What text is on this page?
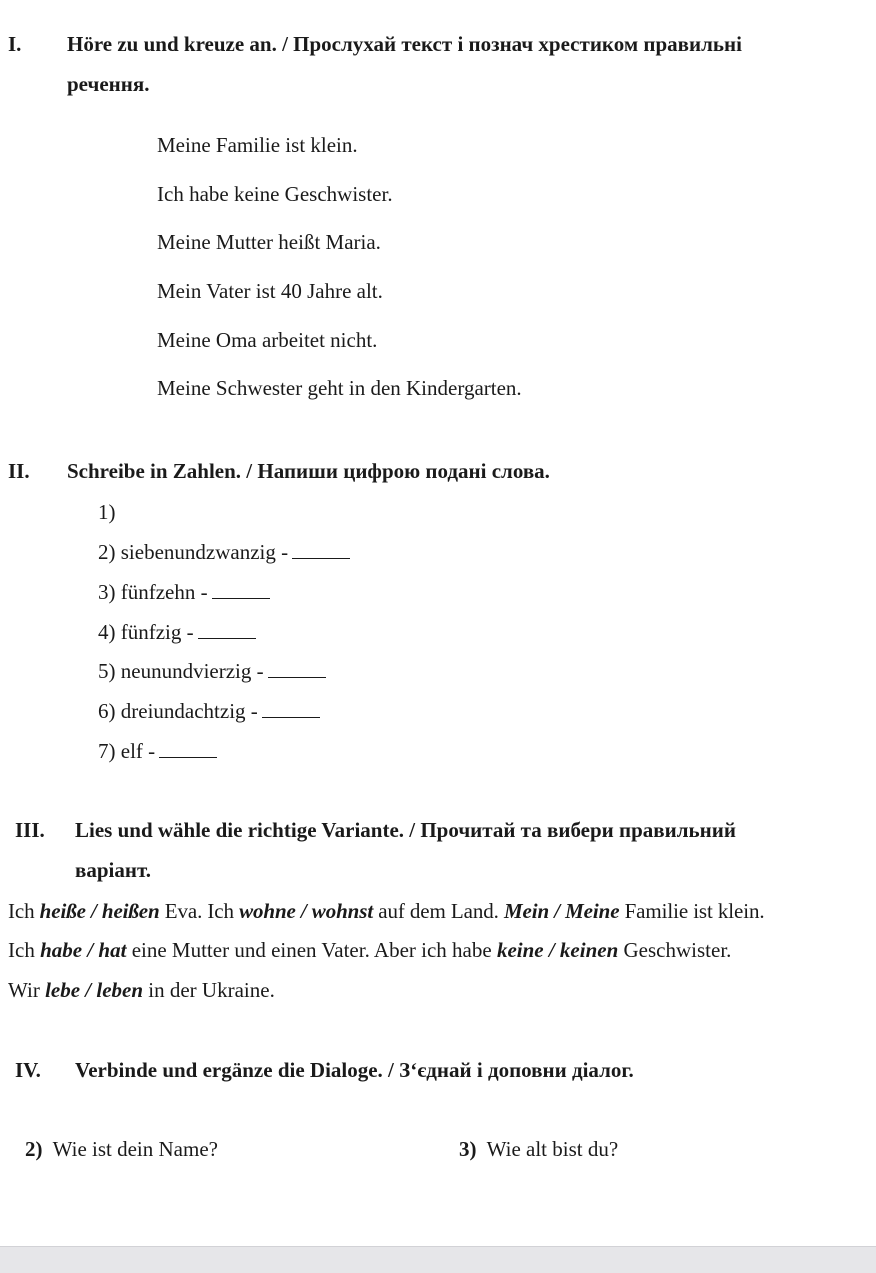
I. Höre zu und kreuze an. / Прослухай текст і познач хрестиком правильні
речення.
Meine Familie ist klein.
Ich habe keine Geschwister.
Meine Mutter heißt Maria.
Mein Vater ist 40 Jahre alt.
Meine Oma arbeitet nicht.
Meine Schwester geht in den Kindergarten.
II. Schreibe in Zahlen. / Напиши цифрою подані слова.
1)
2) siebenundzwanzig -
3) fünfzehn -
4) fünfzig -
5) neunundvierzig -
6) dreiundachtzig -
7) elf -
III. Lies und wähle die richtige Variante. / Прочитай та вибери правильний
варіант.
Ich heiße / heißen Eva. Ich wohne / wohnst auf dem Land. Mein / Meine Familie ist klein.
Ich habe / hat eine Mutter und einen Vater. Aber ich habe keine / keinen Geschwister.
Wir lebe / leben in der Ukraine.
IV. Verbinde und ergänze die Dialoge. / З‘єднай і доповни діалог.
2) Wie ist dein Name?	3) Wie alt bist du?
